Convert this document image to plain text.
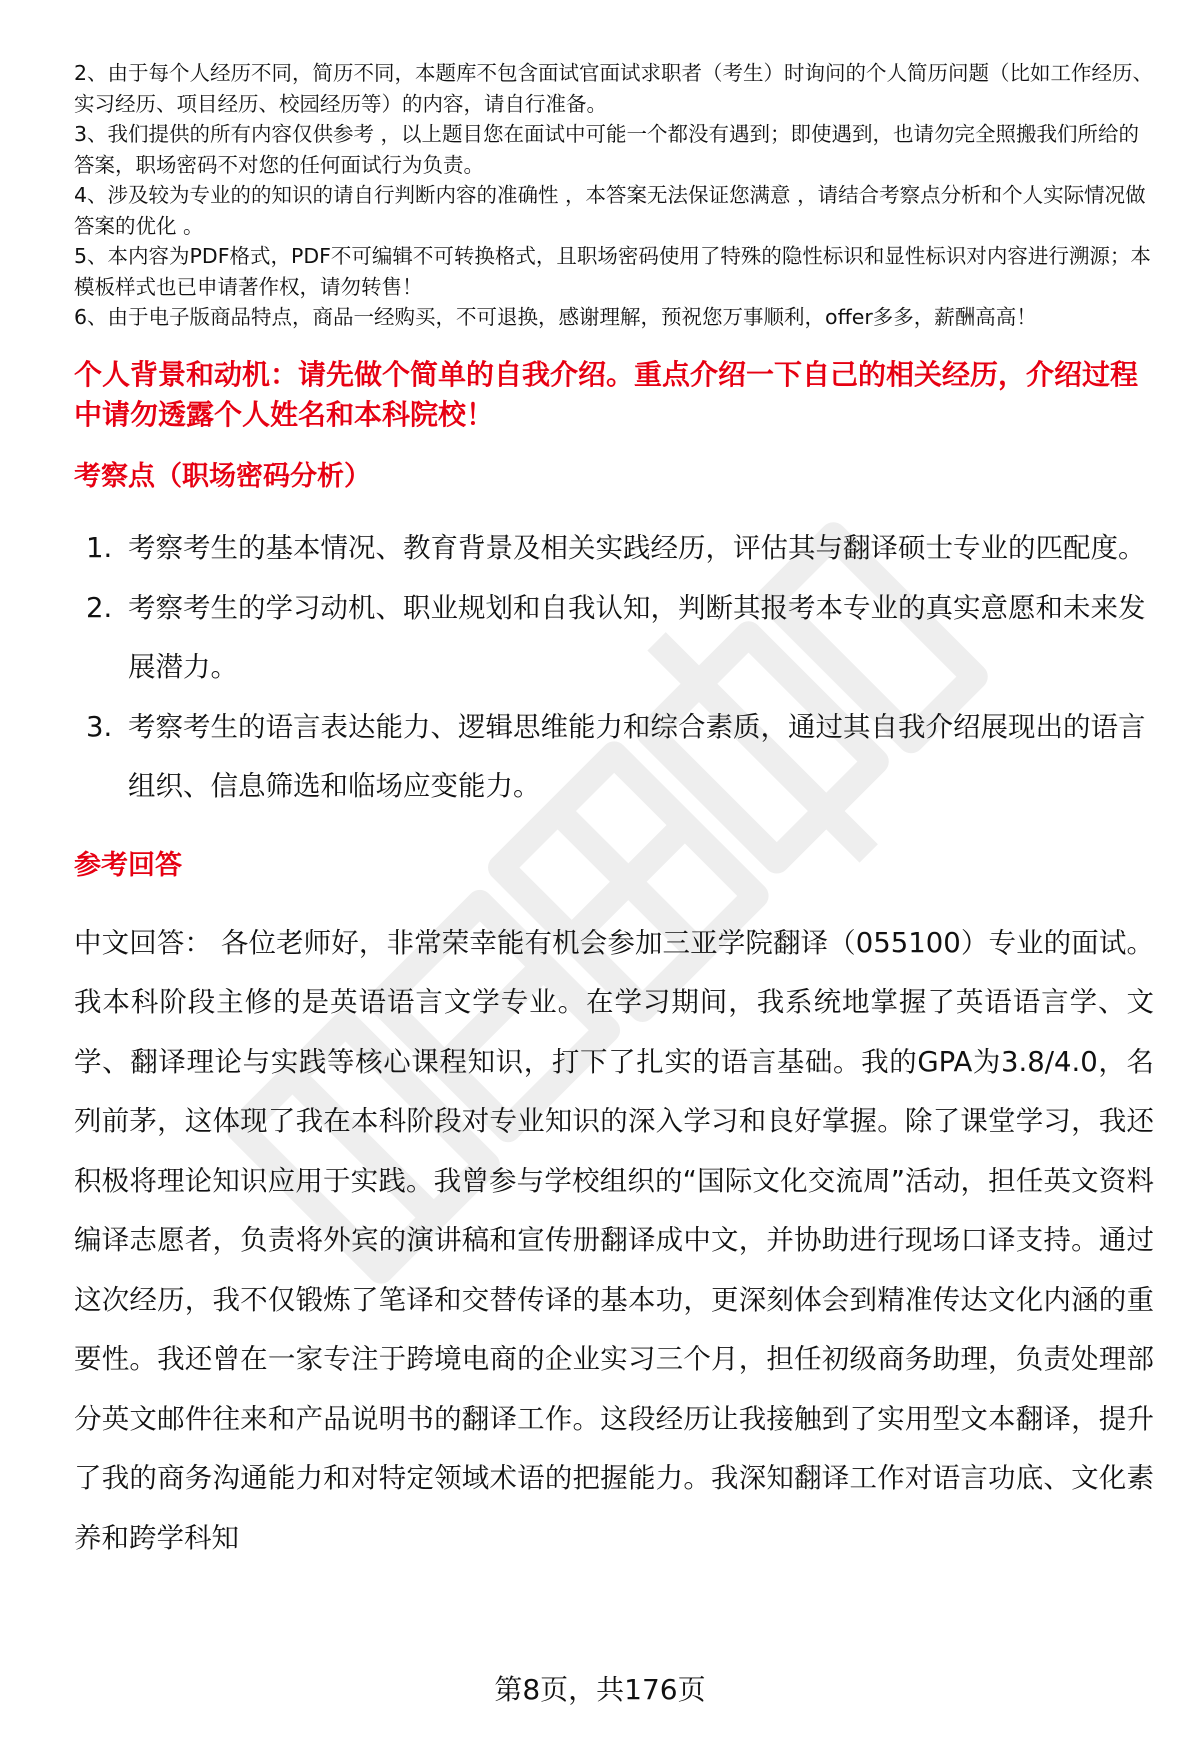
2、由于每个人经历不同，简历不同，本题库不包含面试官面试求职者（考生）时询问的个人简历问题（比如工作经历、实习经历、项目经历、校园经历等）的内容，请自行准备。
3、我们提供的所有内容仅供参考 ，以上题目您在面试中可能一个都没有遇到；即使遇到，也请勿完全照搬我们所给的答案，职场密码不对您的任何面试行为负责。
4、涉及较为专业的的知识的请自行判断内容的准确性 ，本答案无法保证您满意 ，请结合考察点分析和个人实际情况做答案的优化 。
5、本内容为PDF格式，PDF不可编辑不可转换格式，且职场密码使用了特殊的隐性标识和显性标识对内容进行溯源；本模板样式也已申请著作权，请勿转售！
6、由于电子版商品特点，商品一经购买，不可退换，感谢理解，预祝您万事顺利，offer多多，薪酬高高！
个人背景和动机：请先做个简单的自我介绍。重点介绍一下自己的相关经历，介绍过程中请勿透露个人姓名和本科院校！
考察点（职场密码分析）
1. 考察考生的基本情况、教育背景及相关实践经历，评估其与翻译硕士专业的匹配度。
2. 考察考生的学习动机、职业规划和自我认知，判断其报考本专业的真实意愿和未来发展潜力。
3. 考察考生的语言表达能力、逻辑思维能力和综合素质，通过其自我介绍展现出的语言组织、信息筛选和临场应变能力。
参考回答
中文回答： 各位老师好，非常荣幸能有机会参加三亚学院翻译（055100）专业的面试。我本科阶段主修的是英语语言文学专业。在学习期间，我系统地掌握了英语语言学、文学、翻译理论与实践等核心课程知识，打下了扎实的语言基础。我的GPA为3.8/4.0，名列前茅，这体现了我在本科阶段对专业知识的深入学习和良好掌握。除了课堂学习，我还积极将理论知识应用于实践。我曾参与学校组织的“国际文化交流周”活动，担任英文资料编译志愿者，负责将外宾的演讲稿和宣传册翻译成中文，并协助进行现场口译支持。通过这次经历，我不仅锻炼了笔译和交替传译的基本功，更深刻体会到精准传达文化内涵的重要性。我还曾在一家专注于跨境电商的企业实习三个月，担任初级商务助理，负责处理部分英文邮件往来和产品说明书的翻译工作。这段经历让我接触到了实用型文本翻译，提升了我的商务沟通能力和对特定领域术语的把握能力。我深知翻译工作对语言功底、文化素养和跨学科知
第8页，共176页
